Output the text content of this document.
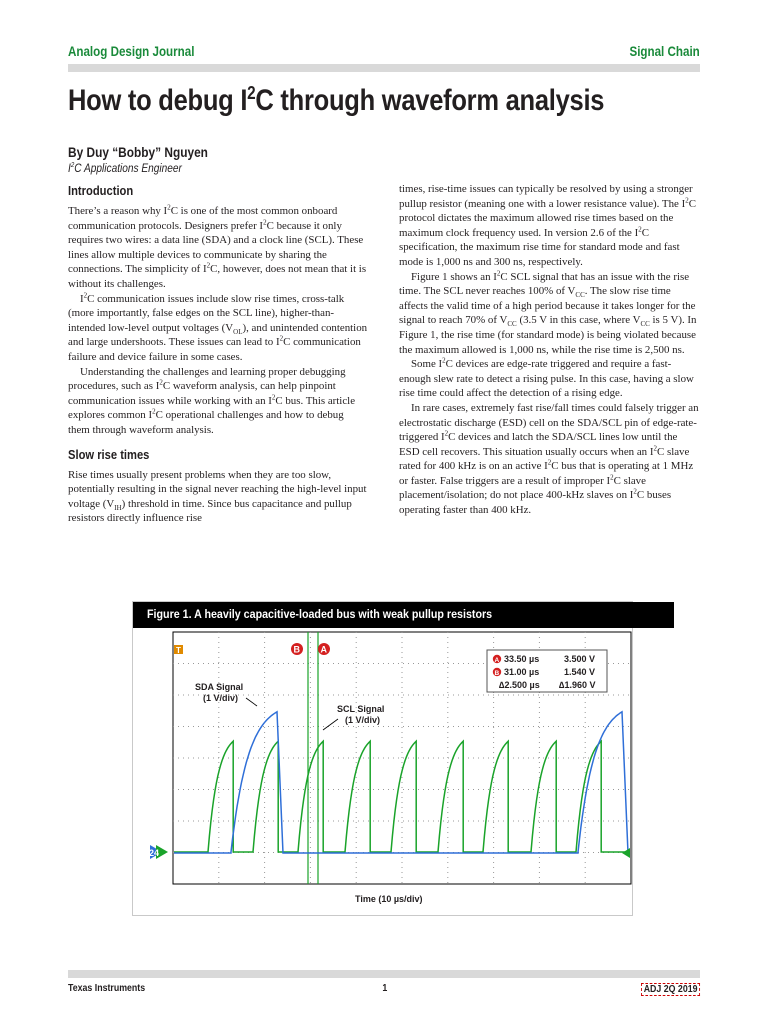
Analog Design Journal	Signal Chain
How to debug $I^2C$ through waveform analysis
By Duy “Bobby” Nguyen
$I^2C$ Applications Engineer
Introduction

There’s a reason why $I^2C$ is one of the most common onboard communication protocols. Designers prefer $I^2C$ because it only requires two wires: a data line (SDA) and a clock line (SCL). These lines allow multiple devices to communicate by sharing the connections. The simplicity of $I^2C$, however, does not mean that it is without its challenges.

$I^2C$ communication issues include slow rise times, cross-talk (more importantly, false edges on the SCL line), higher-than-intended low-level output voltages $(V_{OL})$, and unintended contention and large undershoots. These issues can lead to $I^2C$ communication failure and device failure in some cases.

Understanding the challenges and learning proper debugging procedures, such as $I^2C$ waveform analysis, can help pinpoint communication issues while working with an $I^2C$ bus. This article explores common $I^2C$ operational challenges and how to debug them through waveform analysis.

Slow rise times

Rise times usually present problems when they are too slow, potentially resulting in the signal never reaching the high-level input voltage $(V_{IH})$ threshold in time. Since bus capacitance and pullup resistors directly influence rise

times, rise-time issues can typically be resolved by using a stronger pullup resistor (meaning one with a lower resistance value). The $I^2C$ protocol dictates the maximum allowed rise times based on the maximum clock frequency used. In version 2.6 of the $I^2C$ specification, the maximum rise time for standard mode and fast mode is 1,000 ns and 300 ns, respectively.

Figure 1 shows an $I^2C$ SCL signal that has an issue with the rise time. The SCL never reaches 100% of $V_{CC}$. The slow rise time affects the valid time of a high period because it takes longer for the signal to reach 70% of $V_{CC}$ (3.5 V in this case, where $V_{CC}$ is 5 V). In Figure 1, the rise time (for standard mode) is being violated because the maximum allowed is 1,000 ns, while the rise time is 2,500 ns.

Some $I^2C$ devices are edge-rate triggered and require a fast-enough slew rate to detect a rising pulse. In this case, having a slow rise time could affect the detection of a rising edge.

In rare cases, extremely fast rise/fall times could falsely trigger an electrostatic discharge (ESD) cell on the SDA/SCL pin of edge-rate-triggered $I^2C$ devices and latch the SDA/SCL lines low until the ESD cell recovers. This situation usually occurs when an $I^2C$ slave rated for 400 kHz is on an active $I^2C$ bus that is operating at 1 MHz or faster. False triggers are a result of improper $I^2C$ slave placement/isolation; do not place 400-kHz slaves on $I^2C$ buses operating faster than 400 kHz.

Figure 1. A heavily capacitive-loaded bus with weak pullup resistors
T	B A
24
A 33.50 µs	3.500 V
B 31.00 µs	1.540 V
∆2.500 µs ∆1.960 V
SDA Signal
(1 V/div)
SCL Signal
(1 V/div)
Time (10 µs/div)
Texas Instruments	1	ADJ 2Q 2019
